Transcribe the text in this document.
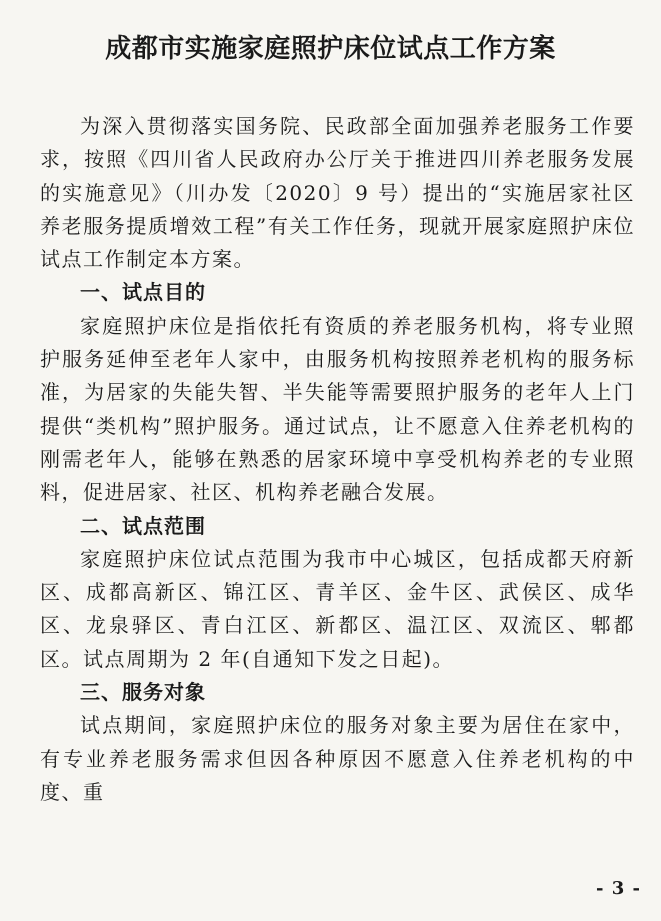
成都市实施家庭照护床位试点工作方案

为深入贯彻落实国务院、民政部全面加强养老服务工作要求，按照《四川省人民政府办公厅关于推进四川养老服务发展的实施意见》（川办发〔2020〕9 号）提出的“实施居家社区养老服务提质增效工程”有关工作任务，现就开展家庭照护床位试点工作制定本方案。

一、试点目的

家庭照护床位是指依托有资质的养老服务机构，将专业照护服务延伸至老年人家中，由服务机构按照养老机构的服务标准，为居家的失能失智、半失能等需要照护服务的老年人上门提供“类机构”照护服务。通过试点，让不愿意入住养老机构的刚需老年人，能够在熟悉的居家环境中享受机构养老的专业照料，促进居家、社区、机构养老融合发展。

二、试点范围

家庭照护床位试点范围为我市中心城区，包括成都天府新区、成都高新区、锦江区、青羊区、金牛区、武侯区、成华区、龙泉驿区、青白江区、新都区、温江区、双流区、郫都区。试点周期为 2 年(自通知下发之日起)。

三、服务对象

试点期间，家庭照护床位的服务对象主要为居住在家中，有专业养老服务需求但因各种原因不愿意入住养老机构的中度、重

- 3 -
